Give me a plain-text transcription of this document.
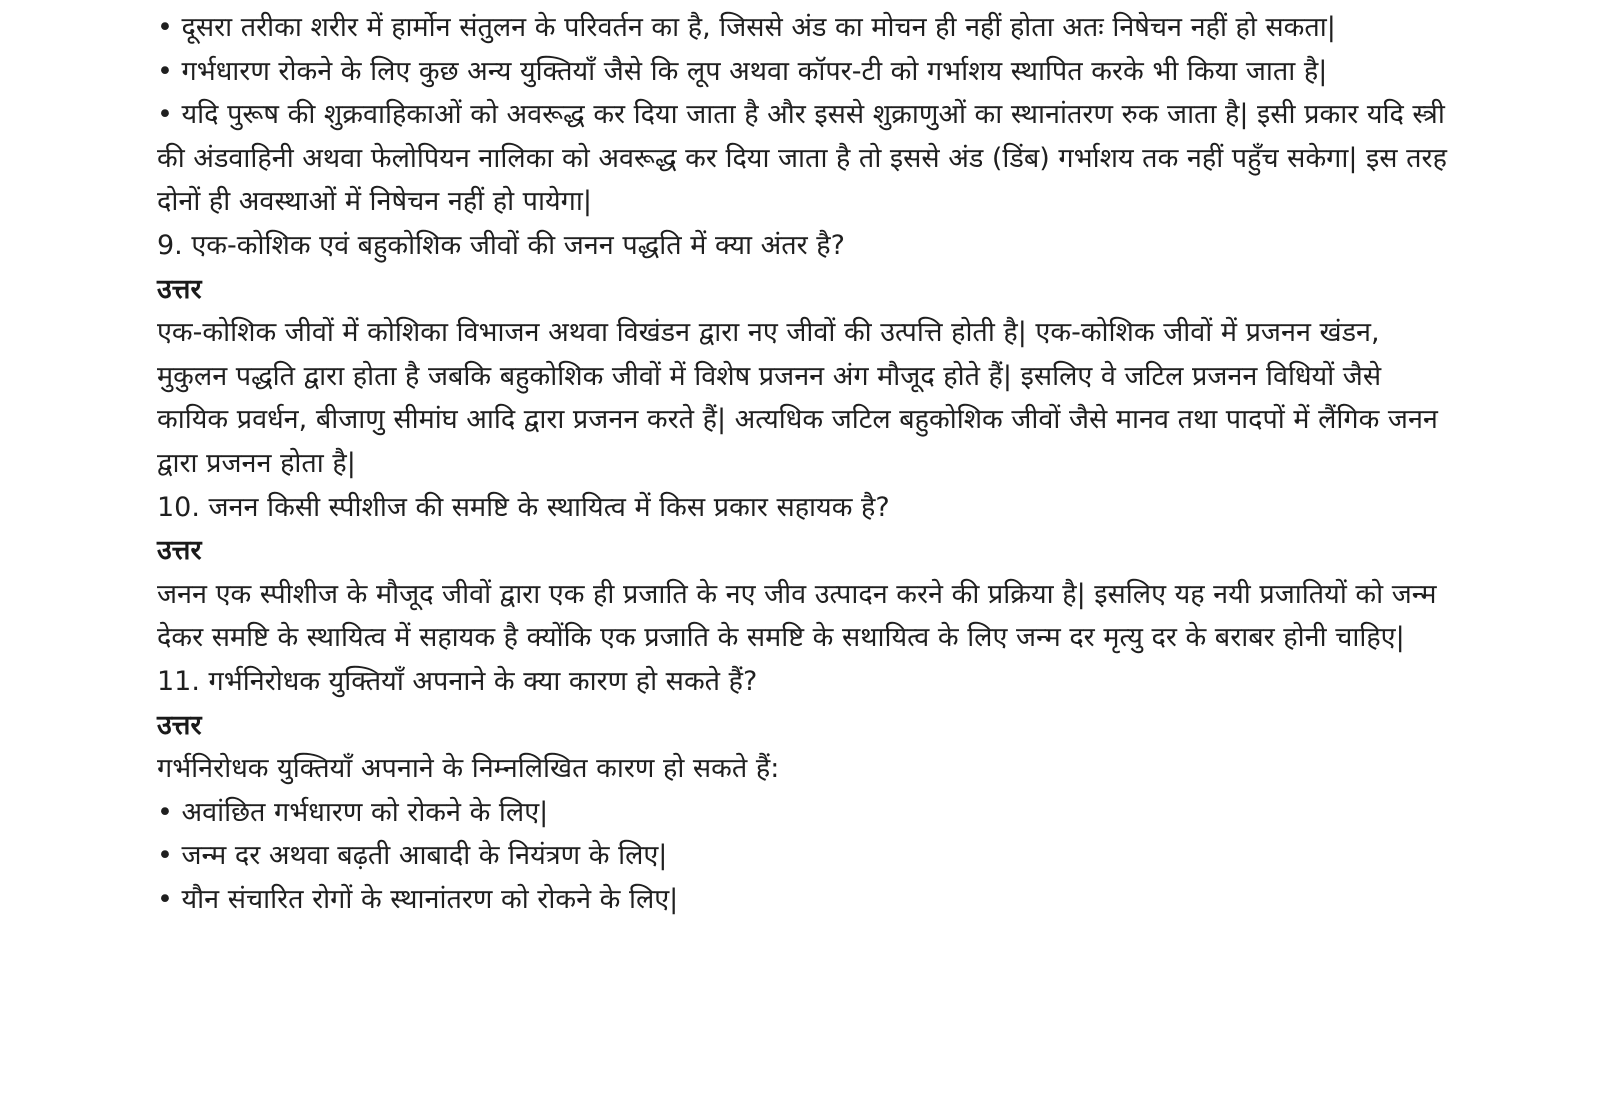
• दूसरा तरीका शरीर में हार्मोन संतुलन के परिवर्तन का है, जिससे अंड का मोचन ही नहीं होता अतः निषेचन नहीं हो सकता|

• गर्भधारण रोकने के लिए कुछ अन्य युक्तियाँ जैसे कि लूप अथवा कॉपर-टी को गर्भाशय स्थापित करके भी किया जाता है|

• यदि पुरूष की शुक्रवाहिकाओं को अवरूद्ध कर दिया जाता है और इससे शुक्राणुओं का स्थानांतरण रुक जाता है| इसी प्रकार यदि स्त्री की अंडवाहिनी अथवा फेलोपियन नालिका को अवरूद्ध कर दिया जाता है तो इससे अंड (डिंब) गर्भाशय तक नहीं पहुँच सकेगा| इस तरह दोनों ही अवस्थाओं में निषेचन नहीं हो पायेगा|

9. एक-कोशिक एवं बहुकोशिक जीवों की जनन पद्धति में क्या अंतर है?

उत्तर

एक-कोशिक जीवों में कोशिका विभाजन अथवा विखंडन द्वारा नए जीवों की उत्पत्ति होती है| एक-कोशिक जीवों में प्रजनन खंडन, मुकुलन पद्धति द्वारा होता है जबकि बहुकोशिक जीवों में विशेष प्रजनन अंग मौजूद होते हैं| इसलिए वे जटिल प्रजनन विधियों जैसे कायिक प्रवर्धन, बीजाणु सीमांघ आदि द्वारा प्रजनन करते हैं| अत्यधिक जटिल बहुकोशिक जीवों जैसे मानव तथा पादपों में लैंगिक जनन द्वारा प्रजनन होता है|

10. जनन किसी स्पीशीज की समष्टि के स्थायित्व में किस प्रकार सहायक है?

उत्तर

जनन एक स्पीशीज के मौजूद जीवों द्वारा एक ही प्रजाति के नए जीव उत्पादन करने की प्रक्रिया है| इसलिए यह नयी प्रजातियों को जन्म देकर समष्टि के स्थायित्व में सहायक है क्योंकि एक प्रजाति के समष्टि के सथायित्व के लिए जन्म दर मृत्यु दर के बराबर होनी चाहिए|

11. गर्भनिरोधक युक्तियाँ अपनाने के क्या कारण हो सकते हैं?

उत्तर

गर्भनिरोधक युक्तियाँ अपनाने के निम्नलिखित कारण हो सकते हैं:

• अवांछित गर्भधारण को रोकने के लिए|

• जन्म दर अथवा बढ़ती आबादी के नियंत्रण के लिए|

• यौन संचारित रोगों के स्थानांतरण को रोकने के लिए|
